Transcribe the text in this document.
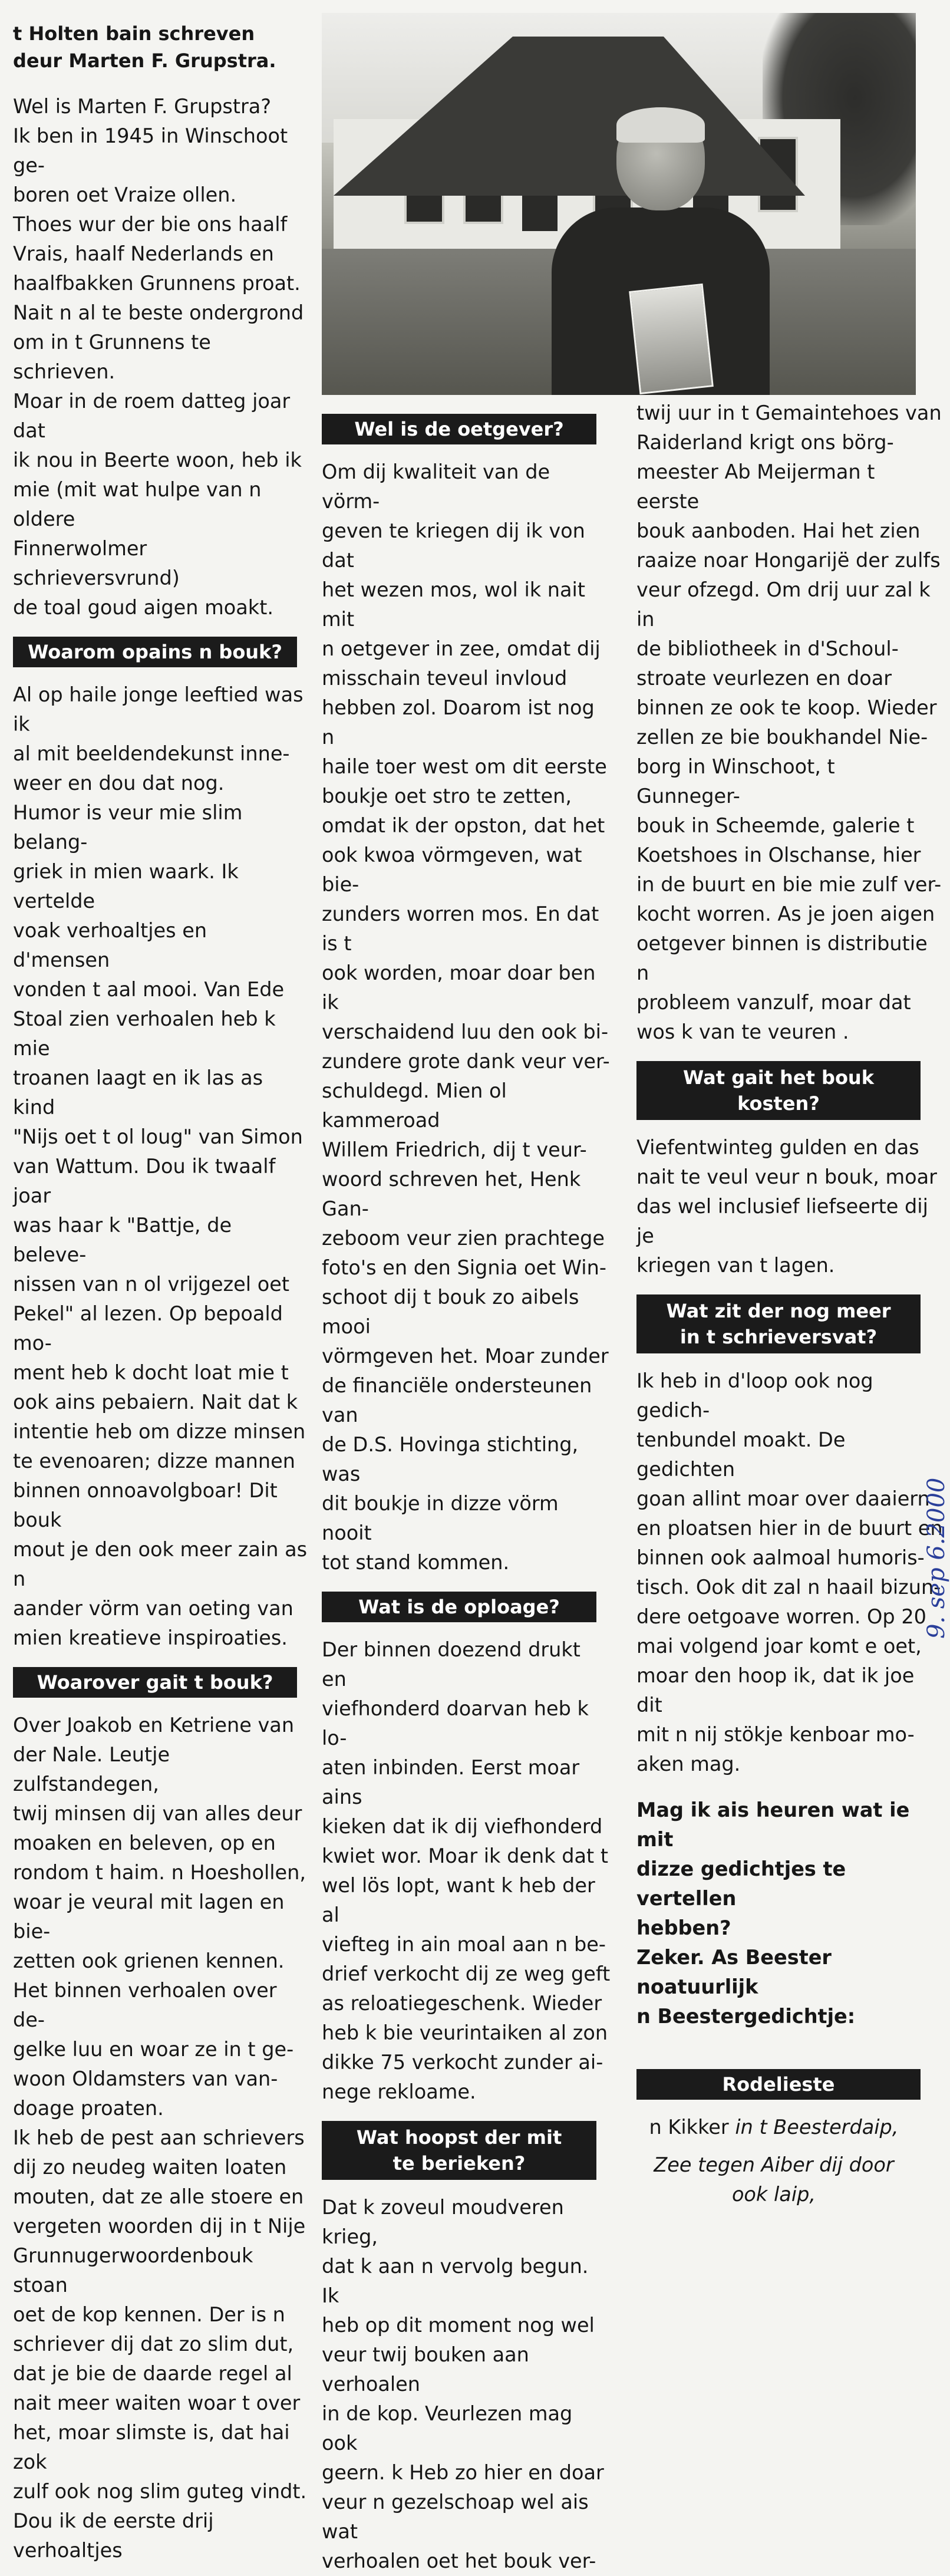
t Holten bain schreven
deur Marten F. Grupstra.
Wel is Marten F. Grupstra?
Ik ben in 1945 in Winschoot ge-
boren oet Vraize ollen.
Thoes wur der bie ons haalf
Vrais, haalf Nederlands en
haalfbakken Grunnens proat.
Nait n al te beste ondergrond
om in t Grunnens te schrieven.
Moar in de roem datteg joar dat
ik nou in Beerte woon, heb ik
mie (mit wat hulpe van n oldere
Finnerwolmer schrieversvrund)
de toal goud aigen moakt.
Woarom opains n bouk?
Al op haile jonge leeftied was ik
al mit beeldendekunst inne-
weer en dou dat nog.
Humor is veur mie slim belang-
griek in mien waark. Ik vertelde
voak verhoaltjes en d'mensen
vonden t aal mooi. Van Ede
Stoal zien verhoalen heb k mie
troanen laagt en ik las as kind
"Nijs oet t ol loug" van Simon
van Wattum. Dou ik twaalf joar
was haar k "Battje, de beleve-
nissen van n ol vrijgezel oet
Pekel" al lezen. Op bepoald mo-
ment heb k docht loat mie t
ook ains pebaiern. Nait dat k
intentie heb om dizze minsen
te evenoaren; dizze mannen
binnen onnoavolgboar! Dit bouk
mout je den ook meer zain as n
aander vörm van oeting van
mien kreatieve inspiroaties.
Woarover gait t bouk?
Over Joakob en Ketriene van
der Nale. Leutje zulfstandegen,
twij minsen dij van alles deur
moaken en beleven, op en
rondom t haim. n Hoeshollen,
woar je veural mit lagen en bie-
zetten ook grienen kennen.
Het binnen verhoalen over de-
gelke luu en woar ze in t ge-
woon Oldamsters van van-
doage proaten.
Ik heb de pest aan schrievers
dij zo neudeg waiten loaten
mouten, dat ze alle stoere en
vergeten woorden dij in t Nije
Grunnugerwoordenbouk stoan
oet de kop kennen. Der is n
schriever dij dat zo slim dut,
dat je bie de daarde regel al
nait meer waiten woar t over
het, moar slimste is, dat hai zok
zulf ook nog slim guteg vindt.
Dou ik de eerste drij verhoaltjes
Wel is de oetgever?
Om dij kwaliteit van de vörm-
geven te kriegen dij ik von dat
het wezen mos, wol ik nait mit
n oetgever in zee, omdat dij
misschain teveul invloud
hebben zol. Doarom ist nog n
haile toer west om dit eerste
boukje oet stro te zetten,
omdat ik der opston, dat het
ook kwoa vörmgeven, wat bie-
zunders worren mos. En dat is t
ook worden, moar doar ben ik
verschaidend luu den ook bi-
zundere grote dank veur ver-
schuldegd. Mien ol kammeroad
Willem Friedrich, dij t veur-
woord schreven het, Henk Gan-
zeboom veur zien prachtege
foto's en den Signia oet Win-
schoot dij t bouk zo aibels mooi
vörmgeven het. Moar zunder
de financiële ondersteunen van
de D.S. Hovinga stichting, was
dit boukje in dizze vörm nooit
tot stand kommen.
Wat is de oploage?
Der binnen doezend drukt en
viefhonderd doarvan heb k lo-
aten inbinden. Eerst moar ains
kieken dat ik dij viefhonderd
kwiet wor. Moar ik denk dat t
wel lös lopt, want k heb der al
viefteg in ain moal aan n be-
drief verkocht dij ze weg geft
as reloatiegeschenk. Wieder
heb k bie veurintaiken al zon
dikke 75 verkocht zunder ai-
nege rekloame.
Wat hoopst der mit
te berieken?
Dat k zoveul moudveren krieg,
dat k aan n vervolg begun. Ik
heb op dit moment nog wel
veur twij bouken aan verhoalen
in de kop. Veurlezen mag ook
geern. k Heb zo hier en doar
veur n gezelschoap wel ais wat
verhoalen oet het bouk ver-
twij uur in t Gemaintehoes van
Raiderland krigt ons börg-
meester Ab Meijerman t eerste
bouk aanboden. Hai het zien
raaize noar Hongarijë der zulfs
veur ofzegd. Om drij uur zal k in
de bibliotheek in d'Schoul-
stroate veurlezen en doar
binnen ze ook te koop. Wieder
zellen ze bie boukhandel Nie-
borg in Winschoot, t Gunneger-
bouk in Scheemde, galerie t
Koetshoes in Olschanse, hier
in de buurt en bie mie zulf ver-
kocht worren. As je joen aigen
oetgever binnen is distributie n
probleem vanzulf, moar dat
wos k van te veuren .
Wat gait het bouk
kosten?
Viefentwinteg gulden en das
nait te veul veur n bouk, moar
das wel inclusief liefseerte dij je
kriegen van t lagen.
Wat zit der nog meer
in t schrieversvat?
Ik heb in d'loop ook nog gedich-
tenbundel moakt. De gedichten
goan allint moar over daaiern
en ploatsen hier in de buurt en
binnen ook aalmoal humoris-
tisch. Ook dit zal n haail bizun-
dere oetgoave worren. Op 20
mai volgend joar komt e oet,
moar den hoop ik, dat ik joe dit
mit n nij stökje kenboar mo-
aken mag.
Mag ik ais heuren wat ie mit
dizze gedichtjes te vertellen
hebben?
Zeker. As Beester noatuurlijk
n Beestergedichtje:
Rodelieste
n Kikker in t Beesterdaip,
Zee tegen Aiber dij door
ook laip,
9. sep 6.2000
